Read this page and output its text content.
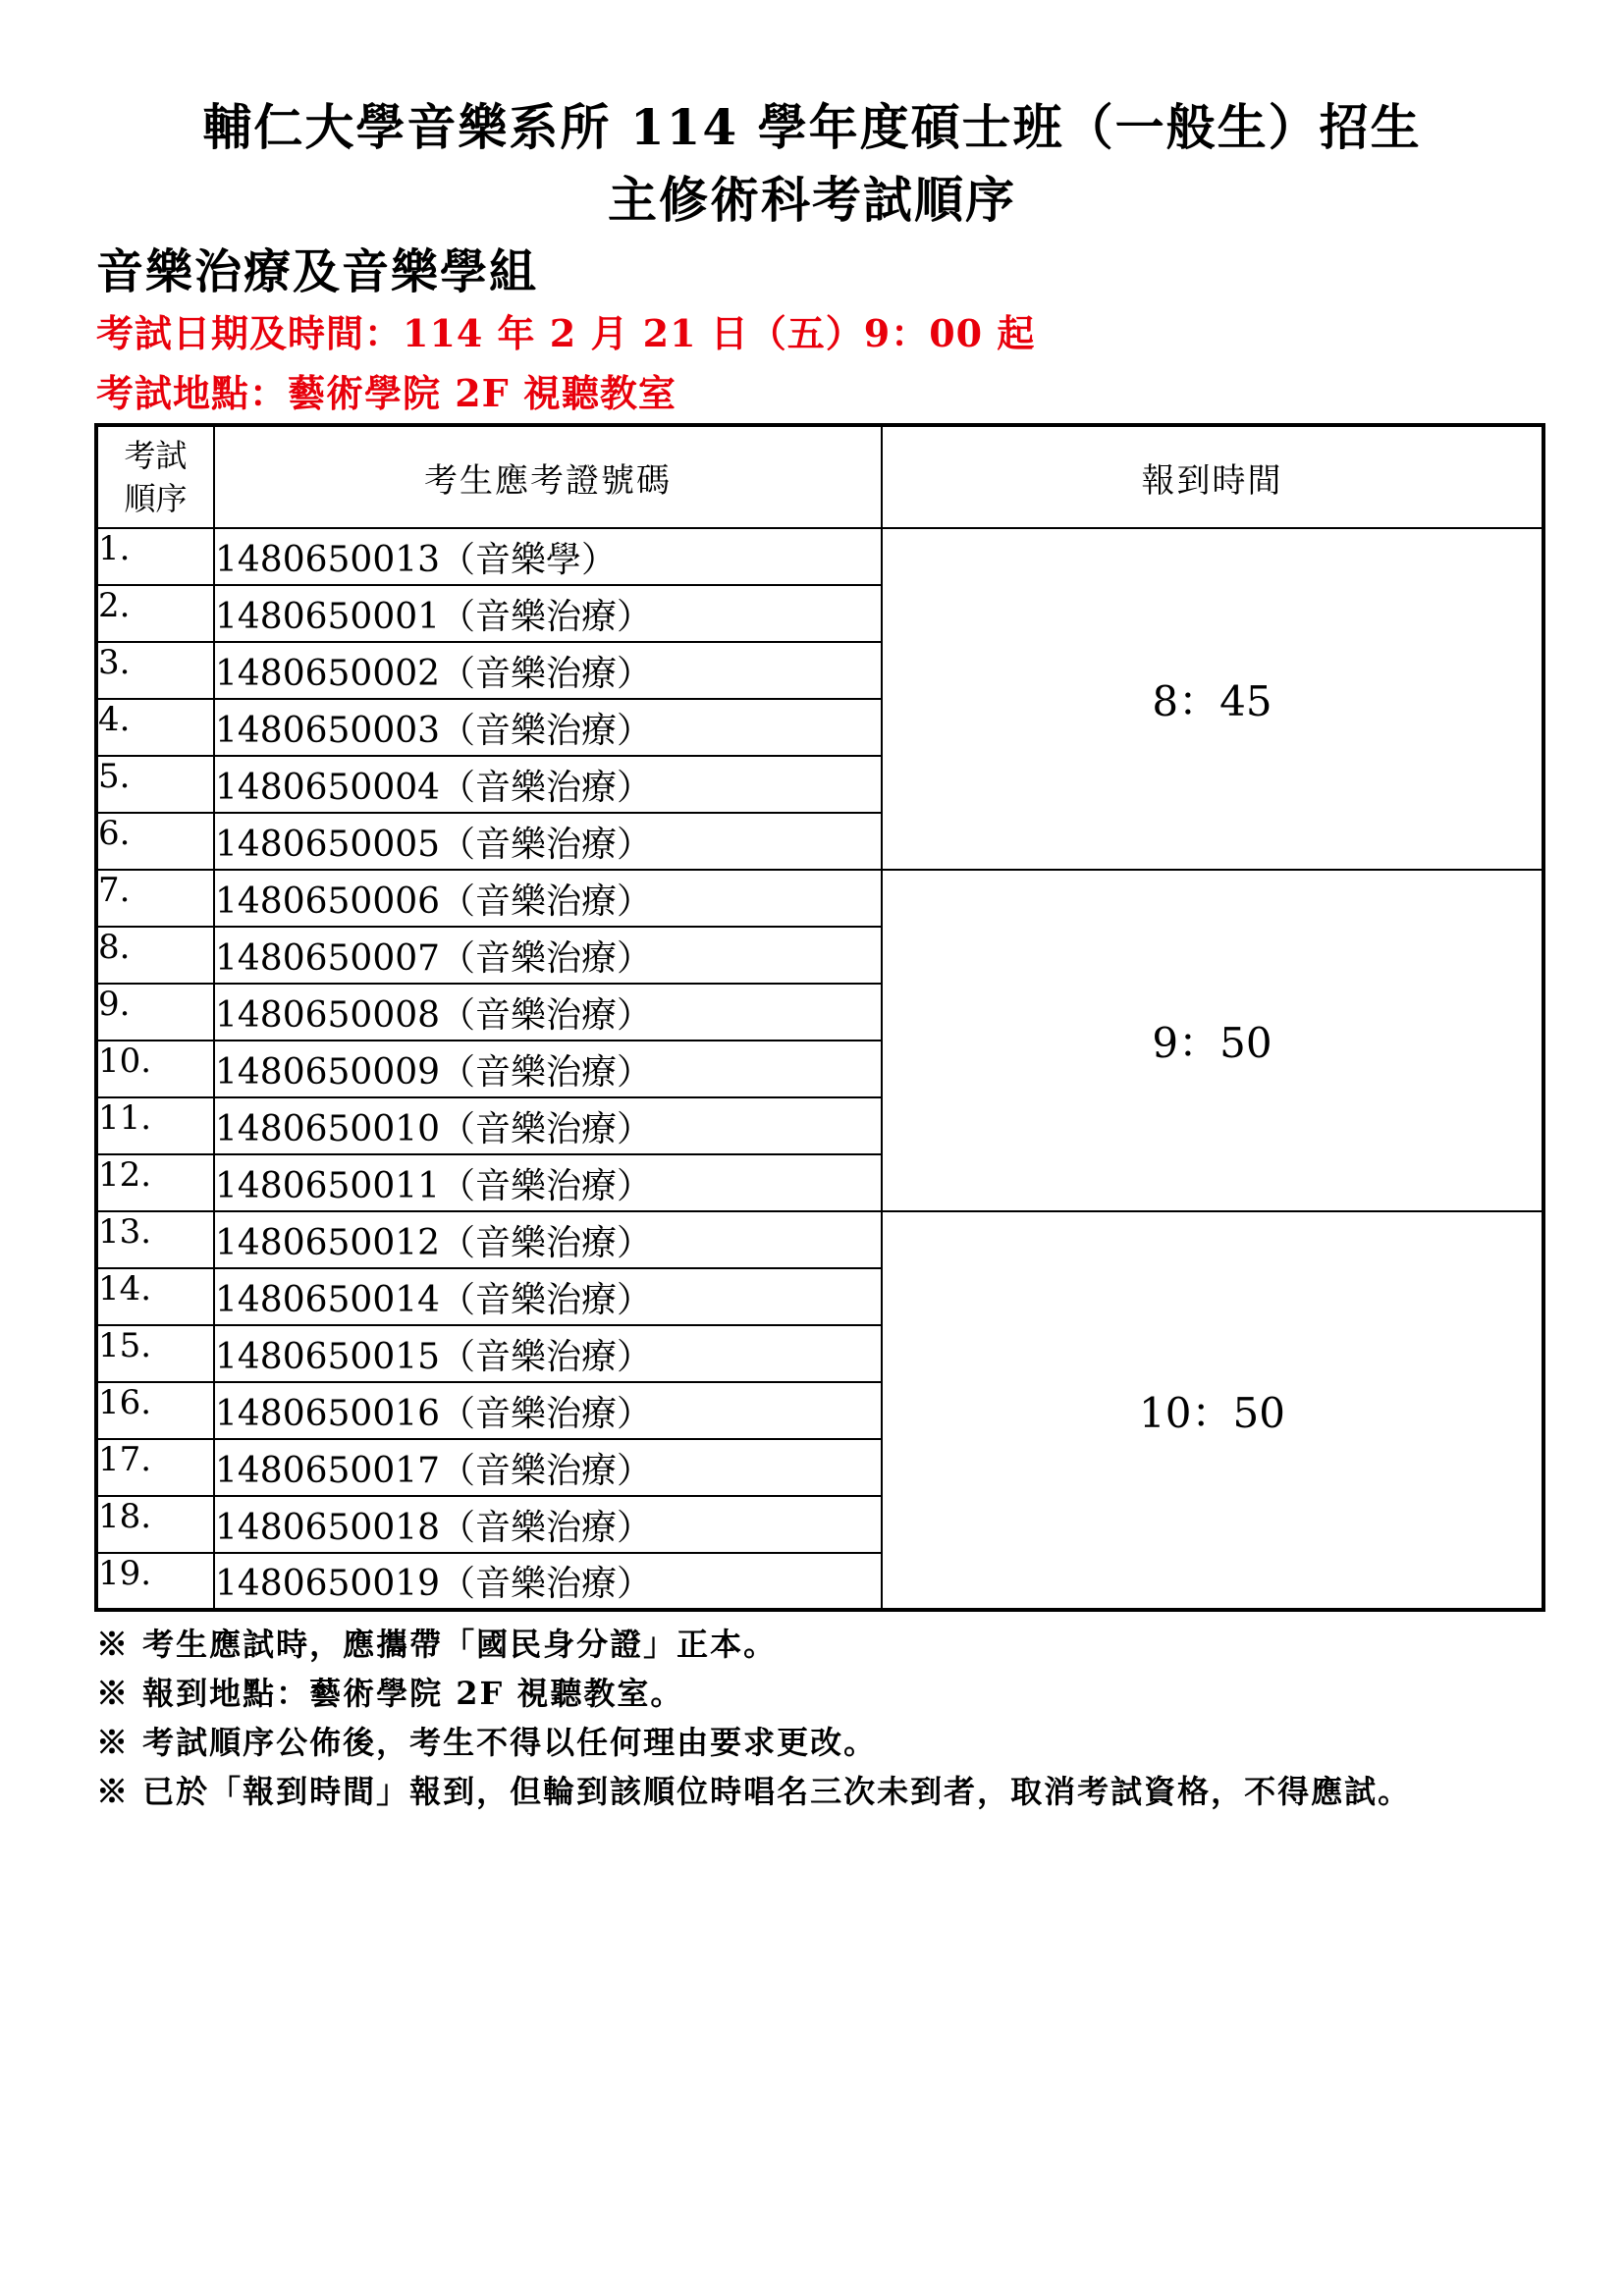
輔仁大學音樂系所 114 學年度碩士班（一般生）招生
主修術科考試順序
音樂治療及音樂學組
考試日期及時間：114 年 2 月 21 日（五）9：00 起
考試地點：藝術學院 2F 視聽教室
考試
順序	考生應考證號碼	報到時間
1.	1480650013（音樂學）	8：45
2.	1480650001（音樂治療）	
3.	1480650002（音樂治療）	
4.	1480650003（音樂治療）	
5.	1480650004（音樂治療）	
6.	1480650005（音樂治療）	
7.	1480650006（音樂治療）	9：50
8.	1480650007（音樂治療）	
9.	1480650008（音樂治療）	
10.	1480650009（音樂治療）	
11.	1480650010（音樂治療）	
12.	1480650011（音樂治療）	
13.	1480650012（音樂治療）	10：50
14.	1480650014（音樂治療）	
15.	1480650015（音樂治療）	
16.	1480650016（音樂治療）	
17.	1480650017（音樂治療）	
18.	1480650018（音樂治療）	
19.	1480650019（音樂治療）	
※ 考生應試時，應攜帶「國民身分證」正本。
※ 報到地點：藝術學院 2F 視聽教室。
※ 考試順序公佈後，考生不得以任何理由要求更改。
※ 已於「報到時間」報到，但輪到該順位時唱名三次未到者，取消考試資格，不得應試。
